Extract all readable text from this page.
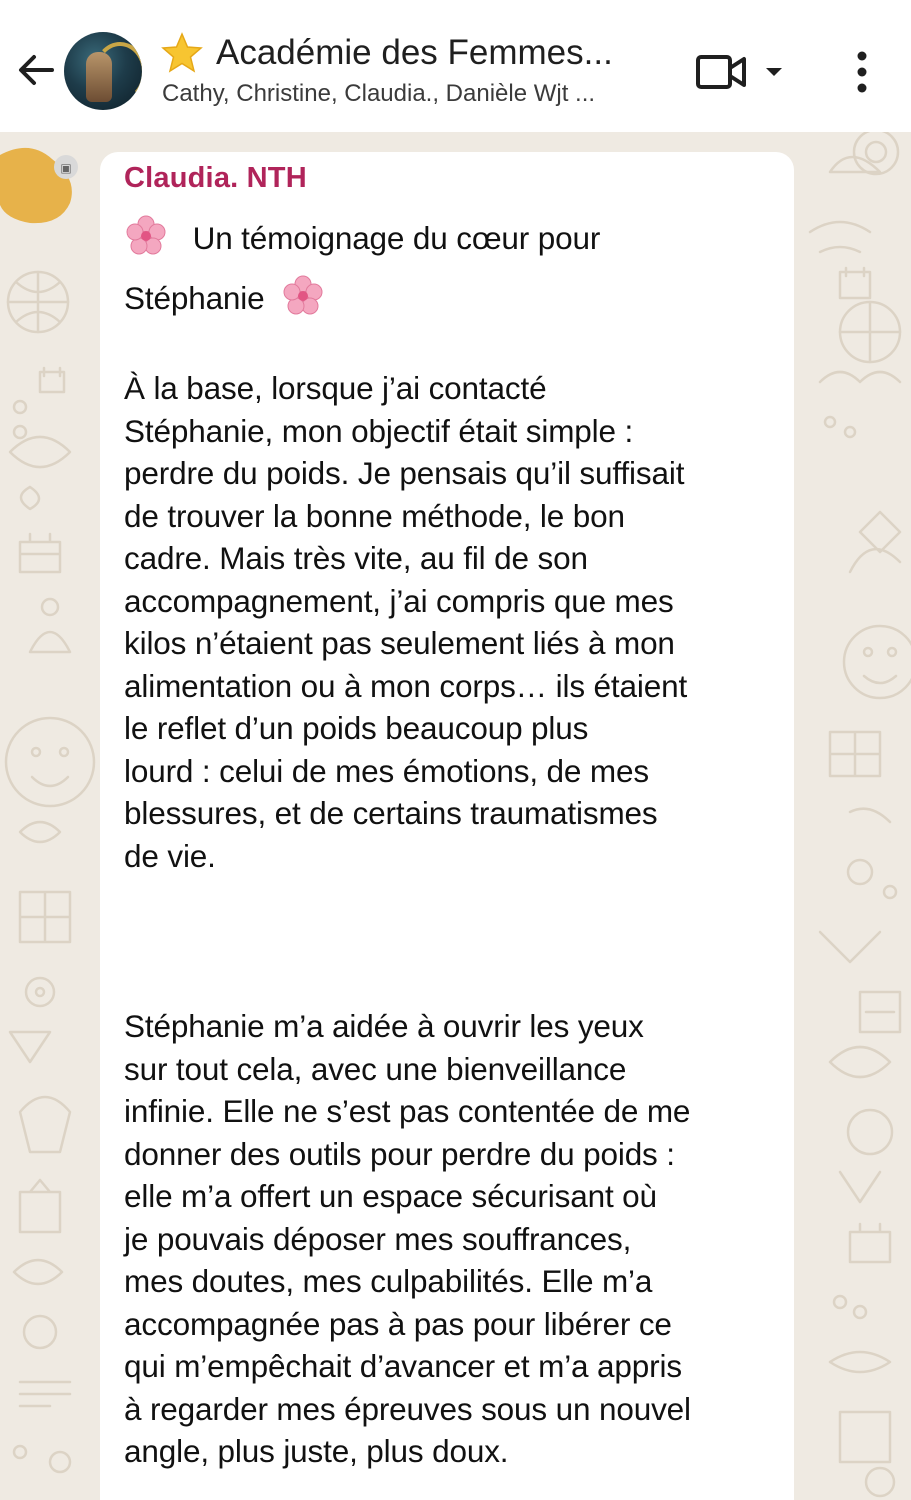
Académie des Femmes...
Cathy, Christine, Claudia., Danièle Wjt ...
▣ Claudia. NTH
Un témoignage du cœur pour
Stéphanie
À la base, lorsque j’ai contacté
Stéphanie, mon objectif était simple :
perdre du poids. Je pensais qu’il suffisait
de trouver la bonne méthode, le bon
cadre. Mais très vite, au fil de son
accompagnement, j’ai compris que mes
kilos n’étaient pas seulement liés à mon
alimentation ou à mon corps… ils étaient
le reflet d’un poids beaucoup plus
lourd : celui de mes émotions, de mes
blessures, et de certains traumatismes
de vie.
Stéphanie m’a aidée à ouvrir les yeux
sur tout cela, avec une bienveillance
infinie. Elle ne s’est pas contentée de me
donner des outils pour perdre du poids :
elle m’a offert un espace sécurisant où
je pouvais déposer mes souffrances,
mes doutes, mes culpabilités. Elle m’a
accompagnée pas à pas pour libérer ce
qui m’empêchait d’avancer et m’a appris
à regarder mes épreuves sous un nouvel
angle, plus juste, plus doux.
